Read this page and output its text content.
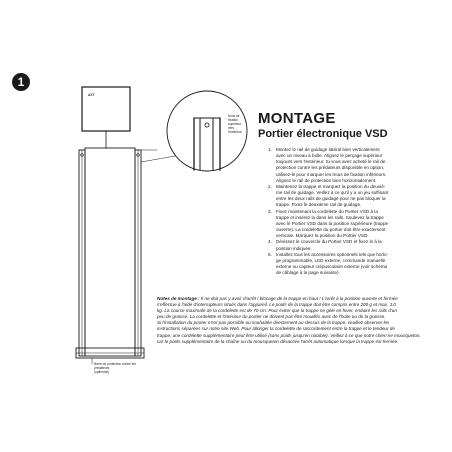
1
AXT
trous de
fixation
supérieur
vers
l'extérieur
Barre de protection contre les prédateurs
(optionnel)
MONTAGE
Portier électronique VSD
1. Montez le rail de guidage latéral bien verticalement
avec un niveau à bulle. Alignez le perçage supérieur
toujours vers l'extérieur. Si vous avez acheté le rail de
protection contre les prédateurs disponible en option,
utilisez-le pour marquer les trous de fixation inférieurs.
Alignez le rail de protection bien horizontalement.
2. Maintenez la trappe et marquez la position du deuxiè-
me rail de guidage. Veillez à ce qu'il y a un jeu suffisant
entre les deux rails de guidage pour ne pas bloquer la
trappe. Fixez le deuxième rail de guidage.
3. Fixez maintenant la cordelette du Portier VSD à la
trappe et insérez la dans les rails. Soulevez la trappe
avec le Portier VSD dans la position supérieure (trappe
ouverte). La cordelette du portier doit être exactement
verticale. Marquez la position du Portier VSD.
4. Dévissez le couvercle du Portier VSD et fixez le à la
position indiquée.
5. Installez tous les accessoires optionnels tels que horlo-
ge programmable, LED externe, commande manuelle
externe ou capteur crépusculaire externe (voir schéma
de câblage à la page suivante).
Notes de montage : Il ne doit pas y avoir d'arrêt / blocage de la trappe en haut ! L'arrêt à la position ouverte et fermée
s'effectue à l'aide d'interrupteurs situés dans l'appareil. Le poids de la trappe doit être compris entre 200 g et max. 3,0
kg. La course maximale de la cordelette est de 70 cm. Pour éviter que la trappe ne gèle en hiver, enduire les rails d'un
peu de graisse. La cordelette et l'intérieur du portier ne doivent pas être mouillés avec de l'huile ou de la graisse.
Si l'installation du portier n'est pas possible ou souhaitée directement au-dessus de la trappe, veuillez observer les
instructions séparées sur notre site Web. Pour allonger la cordelette de raccordement entre la trappe et le tendeur de
trappe, une cordelette supplémentaire peut être utilisé (sans poids jusqu'en notable). Veillez à ce que notre chien ne mousqueton,
car le poids supplémentaire de la chaîne ou du mousqueton désactive l'arrêt automatique lorsque la trappe est fermée.
